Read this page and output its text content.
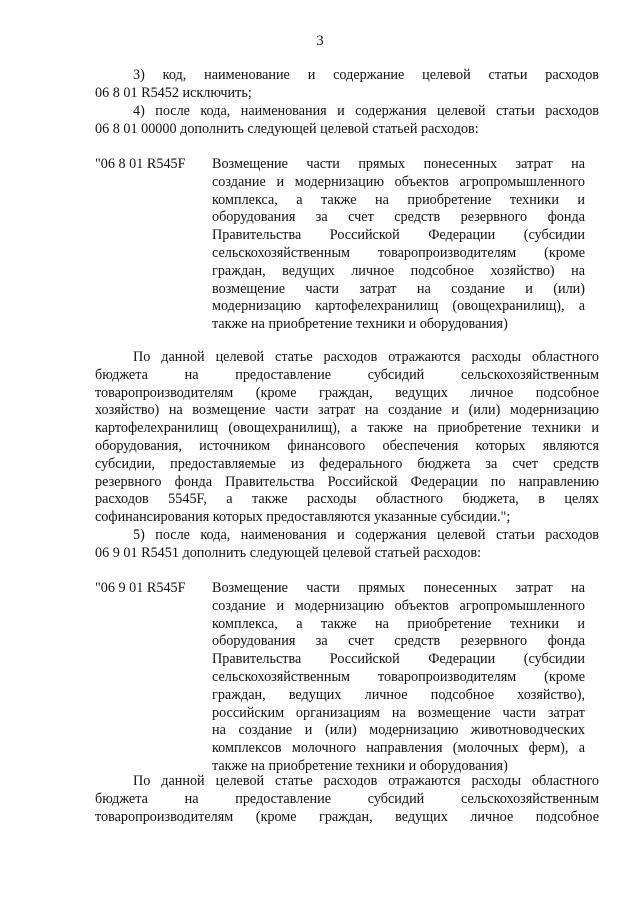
3
3) код, наименование и содержание целевой статьи расходов
06 8 01 R5452 исключить;
4) после кода, наименования и содержания целевой статьи расходов
06 8 01 00000 дополнить следующей целевой статьей расходов:
"06 8 01 R545F Возмещение части прямых понесенных затрат на
создание и модернизацию объектов агропромышленного
комплекса, а также на приобретение техники и
оборудования за счет средств резервного фонда
Правительства Российской Федерации (субсидии
сельскохозяйственным товаропроизводителям (кроме
граждан, ведущих личное подсобное хозяйство) на
возмещение части затрат на создание и (или)
модернизацию картофелехранилищ (овощехранилищ), а
также на приобретение техники и оборудования)
По данной целевой статье расходов отражаются расходы областного
бюджета на предоставление субсидий сельскохозяйственным
товаропроизводителям (кроме граждан, ведущих личное подсобное
хозяйство) на возмещение части затрат на создание и (или) модернизацию
картофелехранилищ (овощехранилищ), а также на приобретение техники и
оборудования, источником финансового обеспечения которых являются
субсидии, предоставляемые из федерального бюджета за счет средств
резервного фонда Правительства Российской Федерации по направлению
расходов 5545F, а также расходы областного бюджета, в целях
софинансирования которых предоставляются указанные субсидии.";
5) после кода, наименования и содержания целевой статьи расходов
06 9 01 R5451 дополнить следующей целевой статьей расходов:
"06 9 01 R545F Возмещение части прямых понесенных затрат на
создание и модернизацию объектов агропромышленного
комплекса, а также на приобретение техники и
оборудования за счет средств резервного фонда
Правительства Российской Федерации (субсидии
сельскохозяйственным товаропроизводителям (кроме
граждан, ведущих личное подсобное хозяйство),
российским организациям на возмещение части затрат
на создание и (или) модернизацию животноводческих
комплексов молочного направления (молочных ферм), а
также на приобретение техники и оборудования)
По данной целевой статье расходов отражаются расходы областного
бюджета на предоставление субсидий сельскохозяйственным
товаропроизводителям (кроме граждан, ведущих личное подсобное
